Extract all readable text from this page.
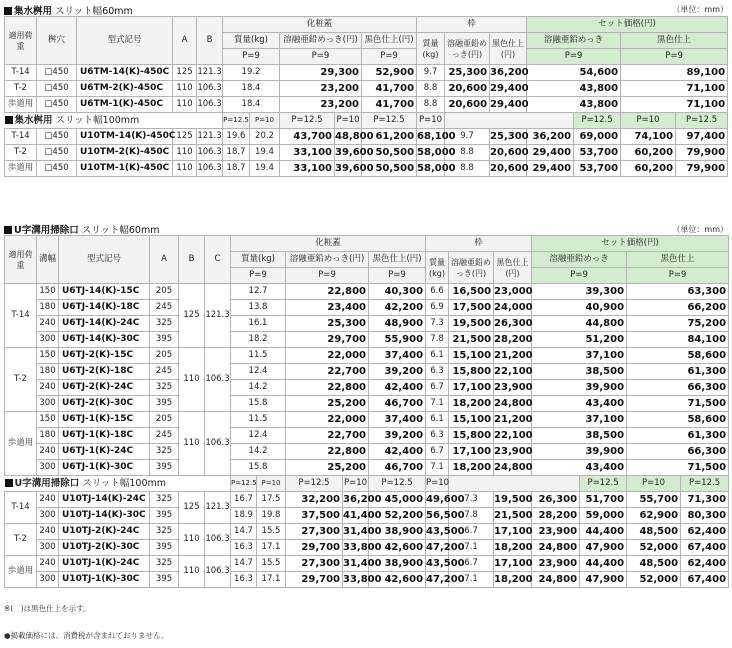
集水桝用 スリット幅60mm	（単位：mm）
適用荷重	桝穴	型式記号	A	B	化粧蓋					枠			セット価格(円)				
					質量(kg)		溶融亜鉛めっき(円)		黒色仕上(円)	質量(kg)	溶融亜鉛めっき(円)	黒色仕上(円)	溶融亜鉛めっき		黒色仕上		
					P=9		P=9		P=9				P=9		P=9		
T-14	□450	U6TM-14(K)-450C	125	121.3	19.2		29,300		52,900	9.7	25,300	36,200	54,600		89,100		
T-2	□450	U6TM-2(K)-450C	110	106.3	18.4		23,200		41,700	8.8	20,600	29,400	43,800		71,100		
歩道用	□450	U6TM-1(K)-450C	110	106.3	18.4		23,200		41,700	8.8	20,600	29,400	43,800		71,100		
集水桝用 スリット幅100mm					P=12.5	P=10	P=12.5	P=10	P=12.5	P=10				P=12.5	P=10	P=12.5	
T-14	□450	U10TM-14(K)-450C	125	121.3	19.6	20.2	43,700	48,800	61,200	68,100	9.7	25,300	36,200	69,000	74,100	97,400	
T-2	□450	U10TM-2(K)-450C	110	106.3	18.7	19.4	33,100	39,600	50,500	58,000	8.8	20,600	29,400	53,700	60,200	79,900	
歩道用	□450	U10TM-1(K)-450C	110	106.3	18.7	19.4	33,100	39,600	50,500	58,000	8.8	20,600	29,400	53,700	60,200	79,900	
U字溝用掃除口 スリット幅60mm	（単位：mm）
適用荷重	溝幅	型式記号	A	B	C	化粧蓋					枠			セット価格(円)				
						質量(kg)		溶融亜鉛めっき(円)		黒色仕上(円)	質量(kg)	溶融亜鉛めっき(円)	黒色仕上(円)	溶融亜鉛めっき		黒色仕上		
						P=9		P=9		P=9				P=9		P=9		
T-14	150	U6TJ-14(K)-15C	205	125	121.3	12.7		22,800		40,300	6.6	16,500	23,000	39,300		63,300		
	180	U6TJ-14(K)-18C	245			13.8		23,400		42,200	6.9	17,500	24,000	40,900		66,200		
	240	U6TJ-14(K)-24C	325			16.1		25,300		48,900	7.3	19,500	26,300	44,800		75,200		
	300	U6TJ-14(K)-30C	395			18.2		29,700		55,900	7.8	21,500	28,200	51,200		84,100		
T-2	150	U6TJ-2(K)-15C	205	110	106.3	11.5		22,000		37,400	6.1	15,100	21,200	37,100		58,600		
	180	U6TJ-2(K)-18C	245			12.4		22,700		39,200	6.3	15,800	22,100	38,500		61,300		
	240	U6TJ-2(K)-24C	325			14.2		22,800		42,400	6.7	17,100	23,900	39,900		66,300		
	300	U6TJ-2(K)-30C	395			15.8		25,200		46,700	7.1	18,200	24,800	43,400		71,500		
歩道用	150	U6TJ-1(K)-15C	205	110	106.3	11.5		22,000		37,400	6.1	15,100	21,200	37,100		58,600		
	180	U6TJ-1(K)-18C	245			12.4		22,700		39,200	6.3	15,800	22,100	38,500		61,300		
	240	U6TJ-1(K)-24C	325			14.2		22,800		42,400	6.7	17,100	23,900	39,900		66,300		
	300	U6TJ-1(K)-30C	395			15.8		25,200		46,700	7.1	18,200	24,800	43,400		71,500		
U字溝用掃除口 スリット幅100mm						P=12.5	P=10	P=12.5	P=10	P=12.5	P=10				P=12.5	P=10	P=12.5	
T-14	240	U10TJ-14(K)-24C	325	125	121.3	16.7	17.5	32,200	36,200	45,000	49,600	7.3	19,500	26,300	51,700	55,700	71,300	
	300	U10TJ-14(K)-30C	395			18.9	19.8	37,500	41,400	52,200	56,500	7.8	21,500	28,200	59,000	62,900	80,300	
T-2	240	U10TJ-2(K)-24C	325	110	106.3	14.7	15.5	27,300	31,400	38,900	43,500	6.7	17,100	23,900	44,400	48,500	62,400	
	300	U10TJ-2(K)-30C	395			16.3	17.1	29,700	33,800	42,600	47,200	7.1	18,200	24,800	47,900	52,000	67,400	
歩道用	240	U10TJ-1(K)-24C	325	110	106.3	14.7	15.5	27,300	31,400	38,900	43,500	6.7	17,100	23,900	44,400	48,500	62,400	
	300	U10TJ-1(K)-30C	395			16.3	17.1	29,700	33,800	42,600	47,200	7.1	18,200	24,800	47,900	52,000	67,400	
※(　)は黒色仕上を示す。
●掲載価格には、消費税が含まれておりません。
